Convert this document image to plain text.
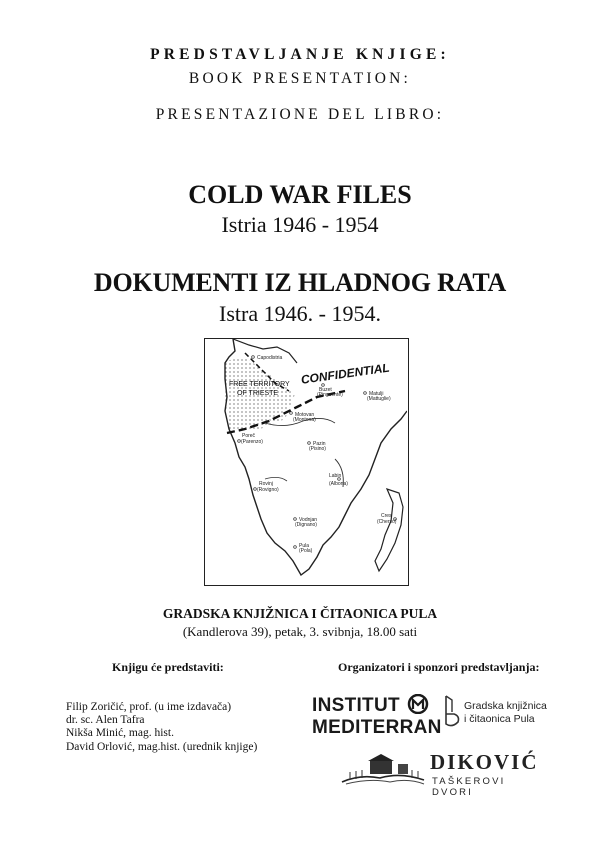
PREDSTAVLJANJE KNJIGE:
BOOK PRESENTATION:
PRESENTAZIONE DEL LIBRO:
COLD WAR FILES
Istria 1946 - 1954
DOKUMENTI IZ HLADNOG RATA
Istra 1946. - 1954.
CONFIDENTIAL
FREE TERRITORY
OF TRIESTE
Capodistria
Buzet
(Pinguente)	Matulji
(Mattuglie)
Motovan
(Montona)
Poreč
(Parenzo)	Pazin
(Pisino)
Labin
(Albona)
Rovinj
(Rovigno)
Cres
(Cherso)
Vodnjan
(Dignano)
Pula
(Pola)
GRADSKA KNJIŽNICA I ČITAONICA PULA
(Kandlerova 39), petak, 3. svibnja, 18.00 sati
Knjigu će predstaviti:	Organizatori i sponzori predstavljanja:
Filip Zoričić, prof. (u ime izdavača)
dr. sc. Alen Tafra
Nikša Minić, mag. hist.
David Orlović, mag.hist. (urednik knjige)
INSTITUT
MEDITERRAN
Gradska knjižnica
i čitaonica Pula
DIKOVIĆ
TAŠKEROVI DVORI
